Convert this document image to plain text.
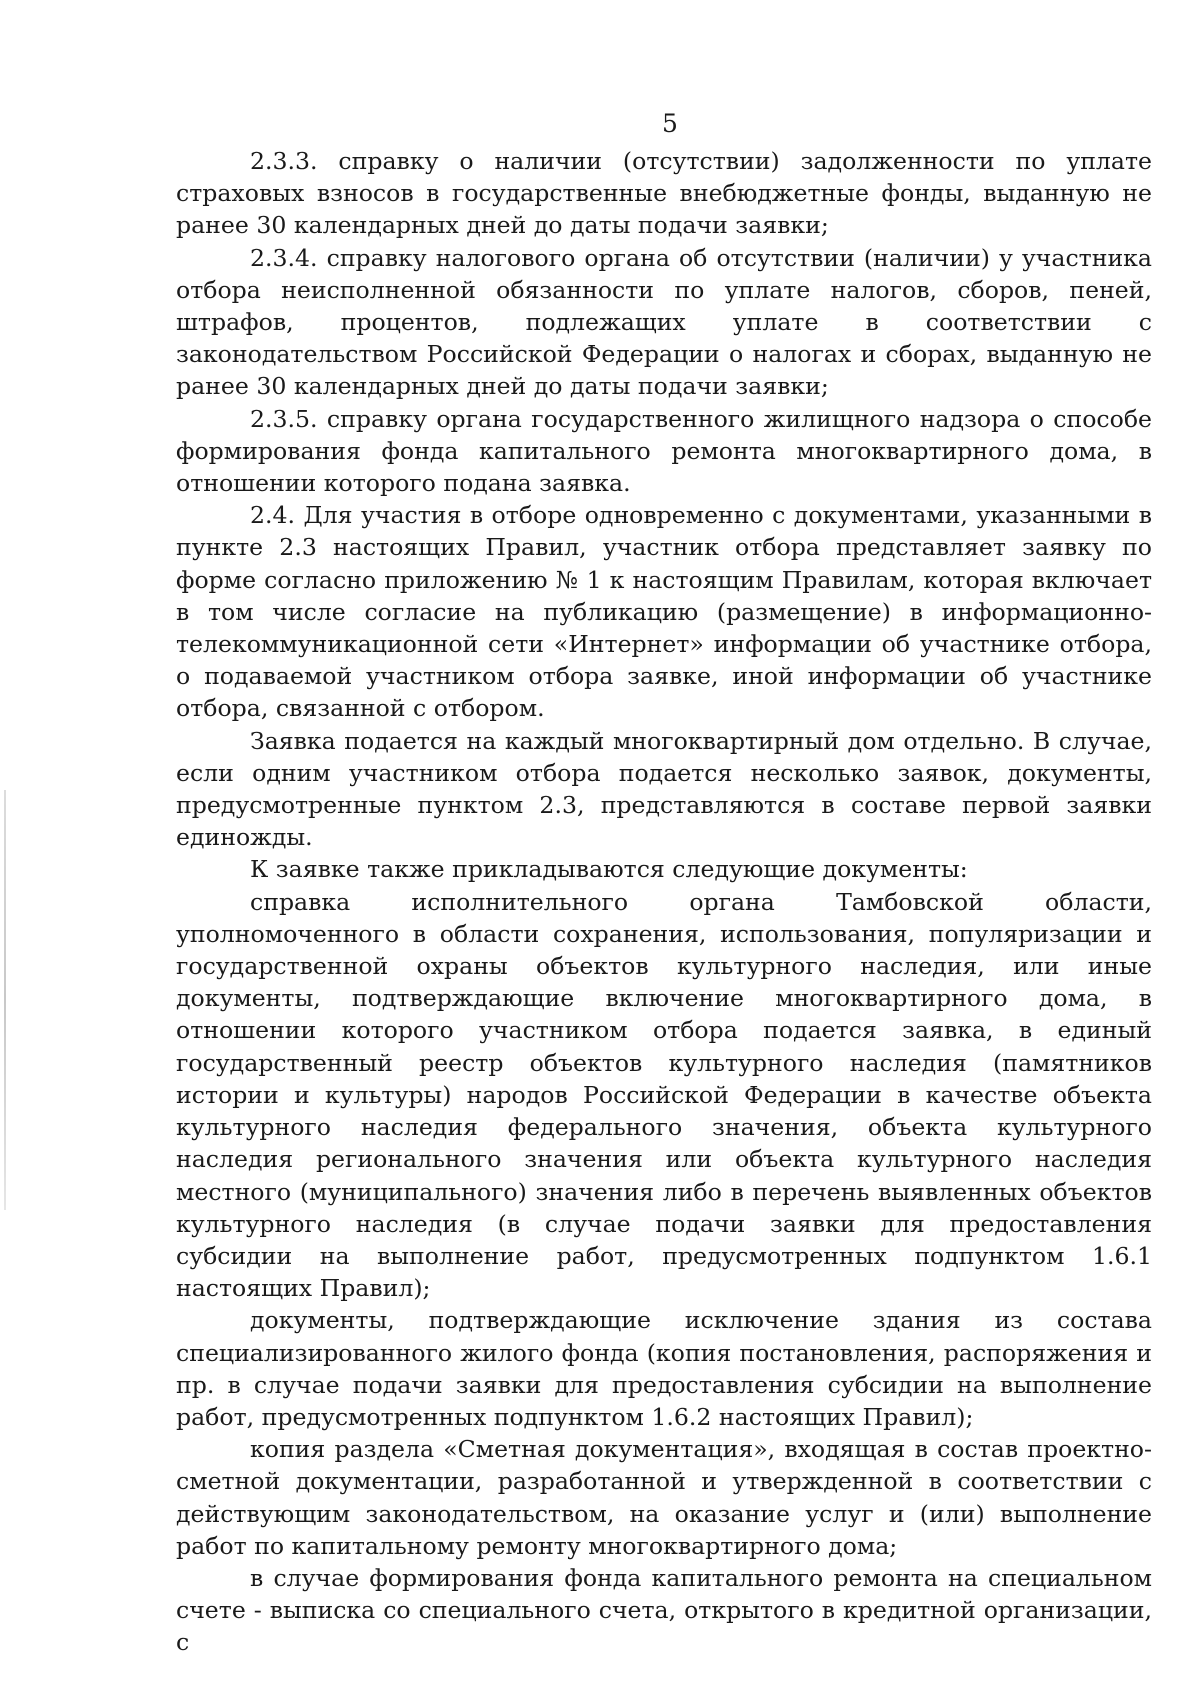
5

2.3.3. справку о наличии (отсутствии) задолженности по уплате страховых взносов в государственные внебюджетные фонды, выданную не ранее 30 календарных дней до даты подачи заявки;

2.3.4. справку налогового органа об отсутствии (наличии) у участника отбора неисполненной обязанности по уплате налогов, сборов, пеней, штрафов, процентов, подлежащих уплате в соответствии с законодательством Российской Федерации о налогах и сборах, выданную не ранее 30 календарных дней до даты подачи заявки;

2.3.5. справку органа государственного жилищного надзора о способе формирования фонда капитального ремонта многоквартирного дома, в отношении которого подана заявка.

2.4. Для участия в отборе одновременно с документами, указанными в пункте 2.3 настоящих Правил, участник отбора представляет заявку по форме согласно приложению № 1 к настоящим Правилам, которая включает в том числе согласие на публикацию (размещение) в информационно-телекоммуникационной сети «Интернет» информации об участнике отбора, о подаваемой участником отбора заявке, иной информации об участнике отбора, связанной с отбором.

Заявка подается на каждый многоквартирный дом отдельно. В случае, если одним участником отбора подается несколько заявок, документы, предусмотренные пунктом 2.3, представляются в составе первой заявки единожды.

К заявке также прикладываются следующие документы:

справка исполнительного органа Тамбовской области, уполномоченного в области сохранения, использования, популяризации и государственной охраны объектов культурного наследия, или иные документы, подтверждающие включение многоквартирного дома, в отношении которого участником отбора подается заявка, в единый государственный реестр объектов культурного наследия (памятников истории и культуры) народов Российской Федерации в качестве объекта культурного наследия федерального значения, объекта культурного наследия регионального значения или объекта культурного наследия местного (муниципального) значения либо в перечень выявленных объектов культурного наследия (в случае подачи заявки для предоставления субсидии на выполнение работ, предусмотренных подпунктом 1.6.1 настоящих Правил);

документы, подтверждающие исключение здания из состава специализированного жилого фонда (копия постановления, распоряжения и пр. в случае подачи заявки для предоставления субсидии на выполнение работ, предусмотренных подпунктом 1.6.2 настоящих Правил);

копия раздела «Сметная документация», входящая в состав проектно-сметной документации, разработанной и утвержденной в соответствии с действующим законодательством, на оказание услуг и (или) выполнение работ по капитальному ремонту многоквартирного дома;

в случае формирования фонда капитального ремонта на специальном счете - выписка со специального счета, открытого в кредитной организации, с
